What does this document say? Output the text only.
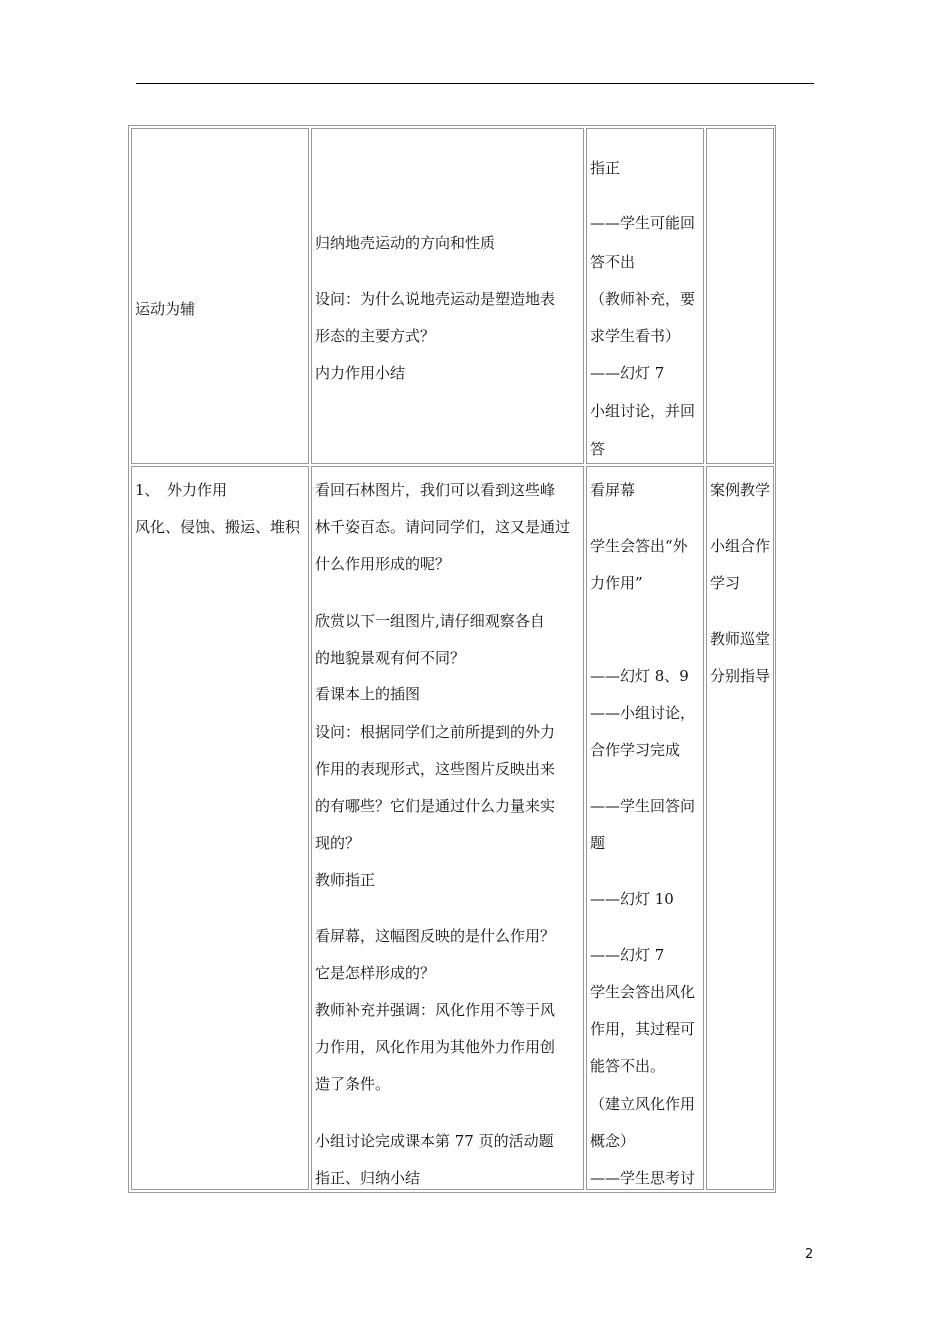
运动为辅
归纳地壳运动的方向和性质
设问：为什么说地壳运动是塑造地表
形态的主要方式？
内力作用小结
指正
——学生可能回
答不出
（教师补充，要
求学生看书）
——幻灯 7
小组讨论，并回
答
1、　外力作用
风化、侵蚀、搬运、堆积
看回石林图片，我们可以看到这些峰
林千姿百态。请问同学们，这又是通过
什么作用形成的呢？
欣赏以下一组图片,请仔细观察各自
的地貌景观有何不同？
看课本上的插图
设问：根据同学们之前所提到的外力
作用的表现形式，这些图片反映出来
的有哪些？它们是通过什么力量来实
现的？
教师指正
看屏幕，这幅图反映的是什么作用？
它是怎样形成的？
教师补充并强调：风化作用不等于风
力作用，风化作用为其他外力作用创
造了条件。
小组讨论完成课本第 77 页的活动题
指正、归纳小结
看屏幕
学生会答出“外
力作用”
——幻灯 8、9
——小组讨论，
合作学习完成
——学生回答问
题
——幻灯 10
——幻灯 7
学生会答出风化
作用，其过程可
能答不出。
（建立风化作用
概念）
——学生思考讨
案例教学
小组合作
学习
教师巡堂
分别指导
2
